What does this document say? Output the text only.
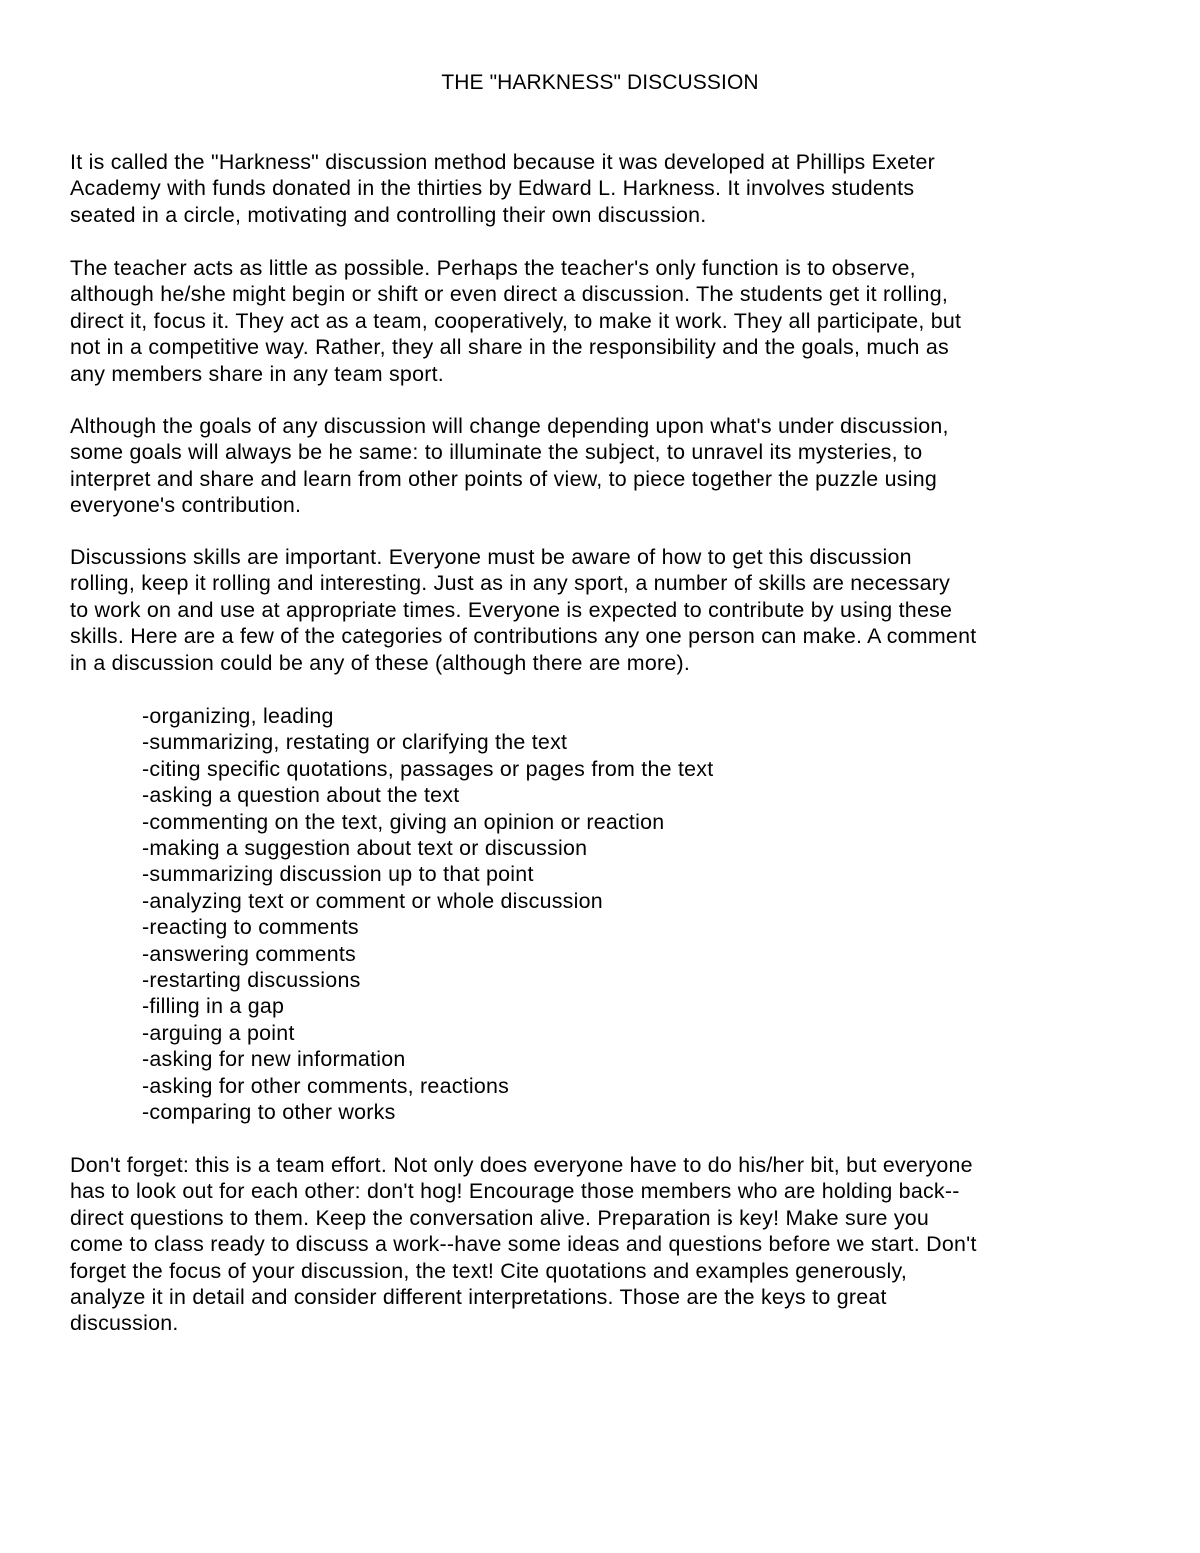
THE "HARKNESS" DISCUSSION

It is called the "Harkness" discussion method because it was developed at Phillips Exeter
Academy with funds donated in the thirties by Edward L. Harkness. It involves students
seated in a circle, motivating and controlling their own discussion.

The teacher acts as little as possible. Perhaps the teacher's only function is to observe,
although he/she might begin or shift or even direct a discussion. The students get it rolling,
direct it, focus it. They act as a team, cooperatively, to make it work. They all participate, but
not in a competitive way. Rather, they all share in the responsibility and the goals, much as
any members share in any team sport.

Although the goals of any discussion will change depending upon what's under discussion,
some goals will always be he same: to illuminate the subject, to unravel its mysteries, to
interpret and share and learn from other points of view, to piece together the puzzle using
everyone's contribution.

Discussions skills are important. Everyone must be aware of how to get this discussion
rolling, keep it rolling and interesting. Just as in any sport, a number of skills are necessary
to work on and use at appropriate times. Everyone is expected to contribute by using these
skills. Here are a few of the categories of contributions any one person can make. A comment
in a discussion could be any of these (although there are more).

-organizing, leading
-summarizing, restating or clarifying the text
-citing specific quotations, passages or pages from the text
-asking a question about the text
-commenting on the text, giving an opinion or reaction
-making a suggestion about text or discussion
-summarizing discussion up to that point
-analyzing text or comment or whole discussion
-reacting to comments
-answering comments
-restarting discussions
-filling in a gap
-arguing a point
-asking for new information
-asking for other comments, reactions
-comparing to other works

Don't forget: this is a team effort. Not only does everyone have to do his/her bit, but everyone
has to look out for each other: don't hog! Encourage those members who are holding back--
direct questions to them. Keep the conversation alive. Preparation is key! Make sure you
come to class ready to discuss a work--have some ideas and questions before we start. Don't
forget the focus of your discussion, the text! Cite quotations and examples generously,
analyze it in detail and consider different interpretations. Those are the keys to great
discussion.
